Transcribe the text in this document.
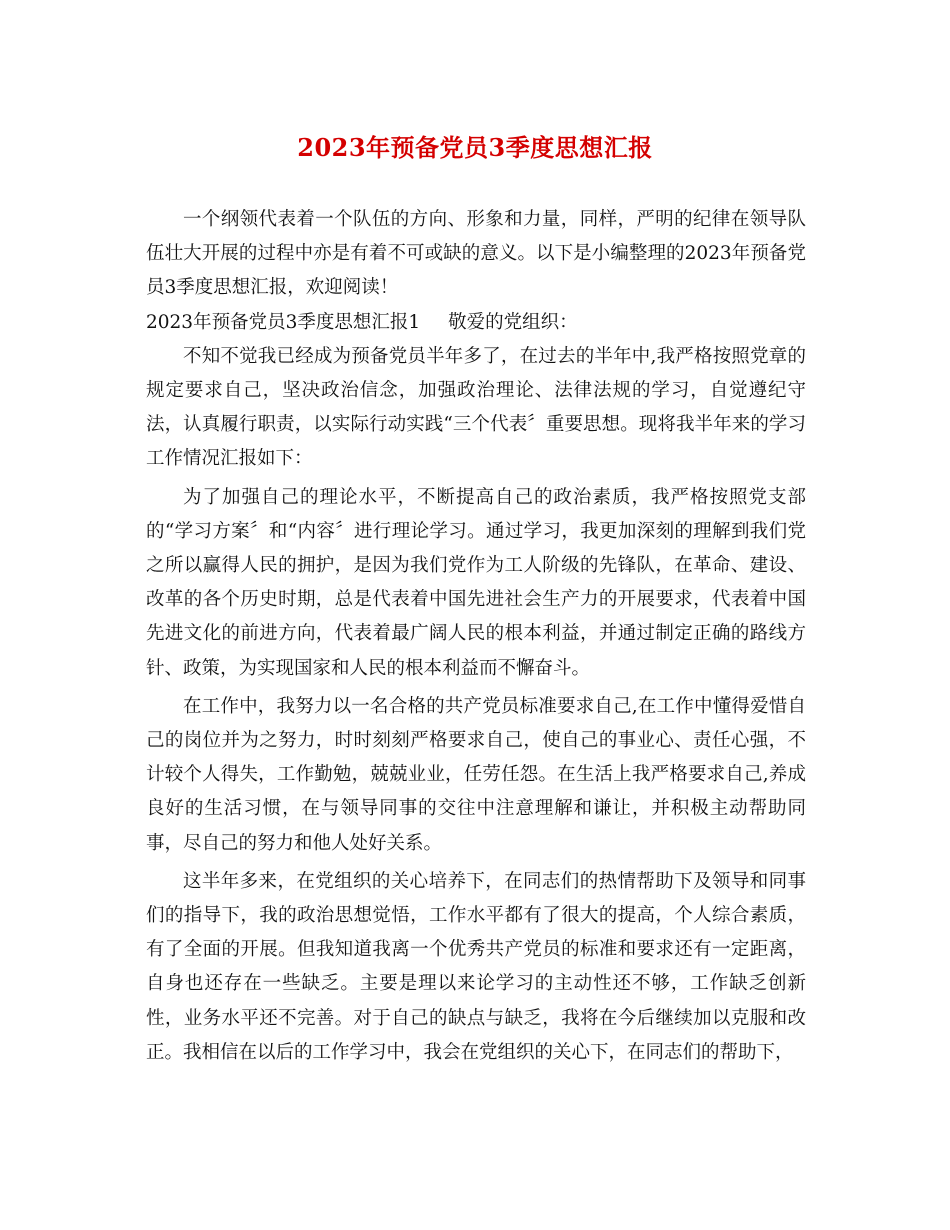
2023年预备党员3季度思想汇报

一个纲领代表着一个队伍的方向、形象和力量，同样，严明的纪律在领导队伍壮大开展的过程中亦是有着不可或缺的意义。以下是小编整理的2023年预备党员3季度思想汇报，欢迎阅读！

2023年预备党员3季度思想汇报1 敬爱的党组织：

不知不觉我已经成为预备党员半年多了，在过去的半年中,我严格按照党章的规定要求自己，坚决政治信念，加强政治理论、法律法规的学习，自觉遵纪守法，认真履行职责，以实际行动实践“三个代表〞重要思想。现将我半年来的学习工作情况汇报如下：

为了加强自己的理论水平，不断提高自己的政治素质，我严格按照党支部的“学习方案〞和“内容〞进行理论学习。通过学习，我更加深刻的理解到我们党之所以赢得人民的拥护，是因为我们党作为工人阶级的先锋队，在革命、建设、改革的各个历史时期，总是代表着中国先进社会生产力的开展要求，代表着中国先进文化的前进方向，代表着最广阔人民的根本利益，并通过制定正确的路线方针、政策，为实现国家和人民的根本利益而不懈奋斗。

在工作中，我努力以一名合格的共产党员标准要求自己,在工作中懂得爱惜自己的岗位并为之努力，时时刻刻严格要求自己，使自己的事业心、责任心强，不计较个人得失，工作勤勉，兢兢业业，任劳任怨。在生活上我严格要求自己,养成良好的生活习惯，在与领导同事的交往中注意理解和谦让，并积极主动帮助同事，尽自己的努力和他人处好关系。

这半年多来，在党组织的关心培养下，在同志们的热情帮助下及领导和同事们的指导下，我的政治思想觉悟，工作水平都有了很大的提高，个人综合素质，有了全面的开展。但我知道我离一个优秀共产党员的标准和要求还有一定距离，自身也还存在一些缺乏。主要是理以来论学习的主动性还不够，工作缺乏创新性，业务水平还不完善。对于自己的缺点与缺乏，我将在今后继续加以克服和改正。我相信在以后的工作学习中，我会在党组织的关心下，在同志们的帮助下，
